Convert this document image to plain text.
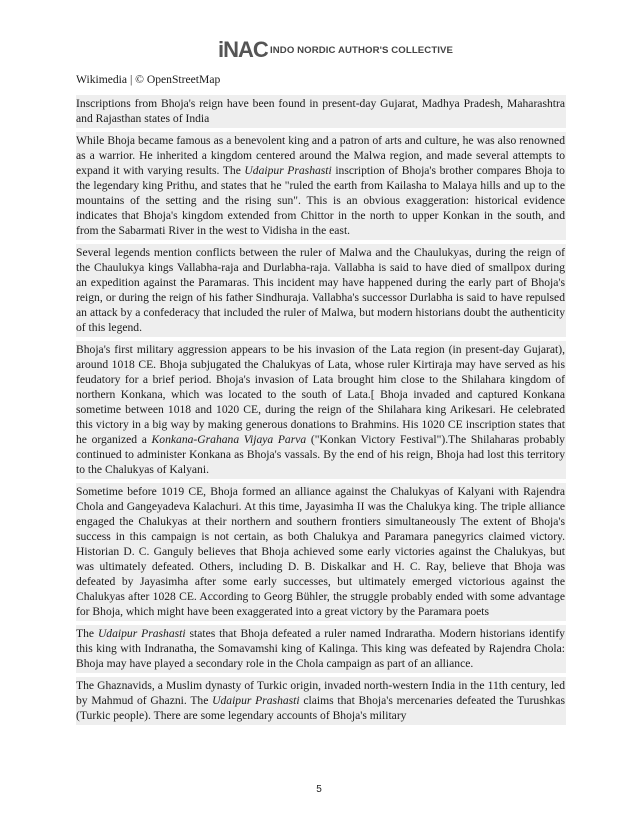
iNAC INDO NORDIC AUTHOR'S COLLECTIVE
Wikimedia | © OpenStreetMap
Inscriptions from Bhoja's reign have been found in present-day Gujarat, Madhya Pradesh, Maharashtra and Rajasthan states of India
While Bhoja became famous as a benevolent king and a patron of arts and culture, he was also renowned as a warrior. He inherited a kingdom centered around the Malwa region, and made several attempts to expand it with varying results. The Udaipur Prashasti inscription of Bhoja's brother compares Bhoja to the legendary king Prithu, and states that he "ruled the earth from Kailasha to Malaya hills and up to the mountains of the setting and the rising sun". This is an obvious exaggeration: historical evidence indicates that Bhoja's kingdom extended from Chittor in the north to upper Konkan in the south, and from the Sabarmati River in the west to Vidisha in the east.
Several legends mention conflicts between the ruler of Malwa and the Chaulukyas, during the reign of the Chaulukya kings Vallabha-raja and Durlabha-raja. Vallabha is said to have died of smallpox during an expedition against the Paramaras. This incident may have happened during the early part of Bhoja's reign, or during the reign of his father Sindhuraja. Vallabha's successor Durlabha is said to have repulsed an attack by a confederacy that included the ruler of Malwa, but modern historians doubt the authenticity of this legend.
Bhoja's first military aggression appears to be his invasion of the Lata region (in present-day Gujarat), around 1018 CE. Bhoja subjugated the Chalukyas of Lata, whose ruler Kirtiraja may have served as his feudatory for a brief period. Bhoja's invasion of Lata brought him close to the Shilahara kingdom of northern Konkana, which was located to the south of Lata.[ Bhoja invaded and captured Konkana sometime between 1018 and 1020 CE, during the reign of the Shilahara king Arikesari. He celebrated this victory in a big way by making generous donations to Brahmins. His 1020 CE inscription states that he organized a Konkana-Grahana Vijaya Parva ("Konkan Victory Festival").The Shilaharas probably continued to administer Konkana as Bhoja's vassals. By the end of his reign, Bhoja had lost this territory to the Chalukyas of Kalyani.
Sometime before 1019 CE, Bhoja formed an alliance against the Chalukyas of Kalyani with Rajendra Chola and Gangeyadeva Kalachuri. At this time, Jayasimha II was the Chalukya king. The triple alliance engaged the Chalukyas at their northern and southern frontiers simultaneously The extent of Bhoja's success in this campaign is not certain, as both Chalukya and Paramara panegyrics claimed victory. Historian D. C. Ganguly believes that Bhoja achieved some early victories against the Chalukyas, but was ultimately defeated. Others, including D. B. Diskalkar and H. C. Ray, believe that Bhoja was defeated by Jayasimha after some early successes, but ultimately emerged victorious against the Chalukyas after 1028 CE. According to Georg Bühler, the struggle probably ended with some advantage for Bhoja, which might have been exaggerated into a great victory by the Paramara poets
The Udaipur Prashasti states that Bhoja defeated a ruler named Indraratha. Modern historians identify this king with Indranatha, the Somavamshi king of Kalinga. This king was defeated by Rajendra Chola: Bhoja may have played a secondary role in the Chola campaign as part of an alliance.
The Ghaznavids, a Muslim dynasty of Turkic origin, invaded north-western India in the 11th century, led by Mahmud of Ghazni. The Udaipur Prashasti claims that Bhoja's mercenaries defeated the Turushkas (Turkic people). There are some legendary accounts of Bhoja's military
5
